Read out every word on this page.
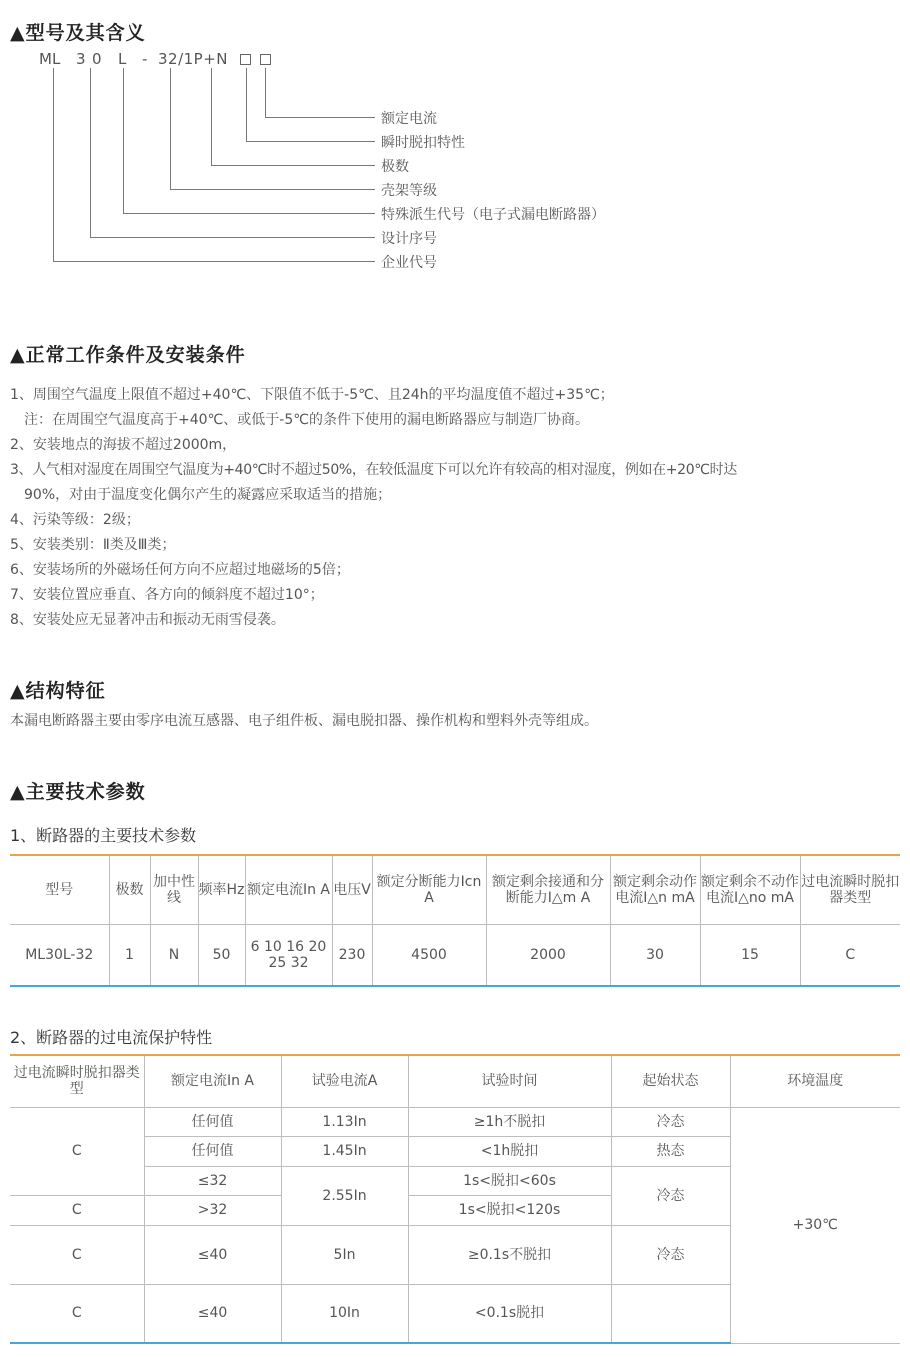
▲型号及其含义
ML 3 0 L - 32/1P+N
额定电流
瞬时脱扣特性
极数
壳架等级
特殊派生代号（电子式漏电断路器）
设计序号
企业代号
▲正常工作条件及安装条件
1、周围空气温度上限值不超过+40℃、下限值不低于-5℃、且24h的平均温度值不超过+35℃；
　注：在周围空气温度高于+40℃、或低于-5℃的条件下使用的漏电断路器应与制造厂协商。
2、安装地点的海拔不超过2000m，
3、人气相对湿度在周围空气温度为+40℃时不超过50%，在较低温度下可以允许有较高的相对湿度，例如在+20℃时达
　90%，对由于温度变化偶尔产生的凝露应采取适当的措施；
4、污染等级：2级；
5、安装类别：Ⅱ类及Ⅲ类；
6、安装场所的外磁场任何方向不应超过地磁场的5倍；
7、安装位置应垂直、各方向的倾斜度不超过10°；
8、安装处应无显著冲击和振动无雨雪侵袭。
▲结构特征
本漏电断路器主要由零序电流互感器、电子组件板、漏电脱扣器、操作机构和塑料外壳等组成。
▲主要技术参数
1、断路器的主要技术参数
型号	极数	加中性线	频率Hz	额定电流In A	电压V	额定分断能力Icn A	额定剩余接通和分断能力I△m A	额定剩余动作电流I△n mA	额定剩余不动作电流I△no mA	过电流瞬时脱扣器类型
ML30L-32	1	N	50	6 10 16 20 25 32	230	4500	2000	30	15	C
2、断路器的过电流保护特性
过电流瞬时脱扣器类型	额定电流In A	试验电流A	试验时间	起始状态	环境温度
C	任何值	1.13In	≥1h不脱扣	冷态	+30℃
	任何值	1.45In	<1h脱扣	热态	
	≤32	2.55In	1s<脱扣<60s	冷态	
C	>32		1s<脱扣<120s		
C	≤40	5In	≥0.1s不脱扣	冷态	
C	≤40	10In	<0.1s脱扣		
